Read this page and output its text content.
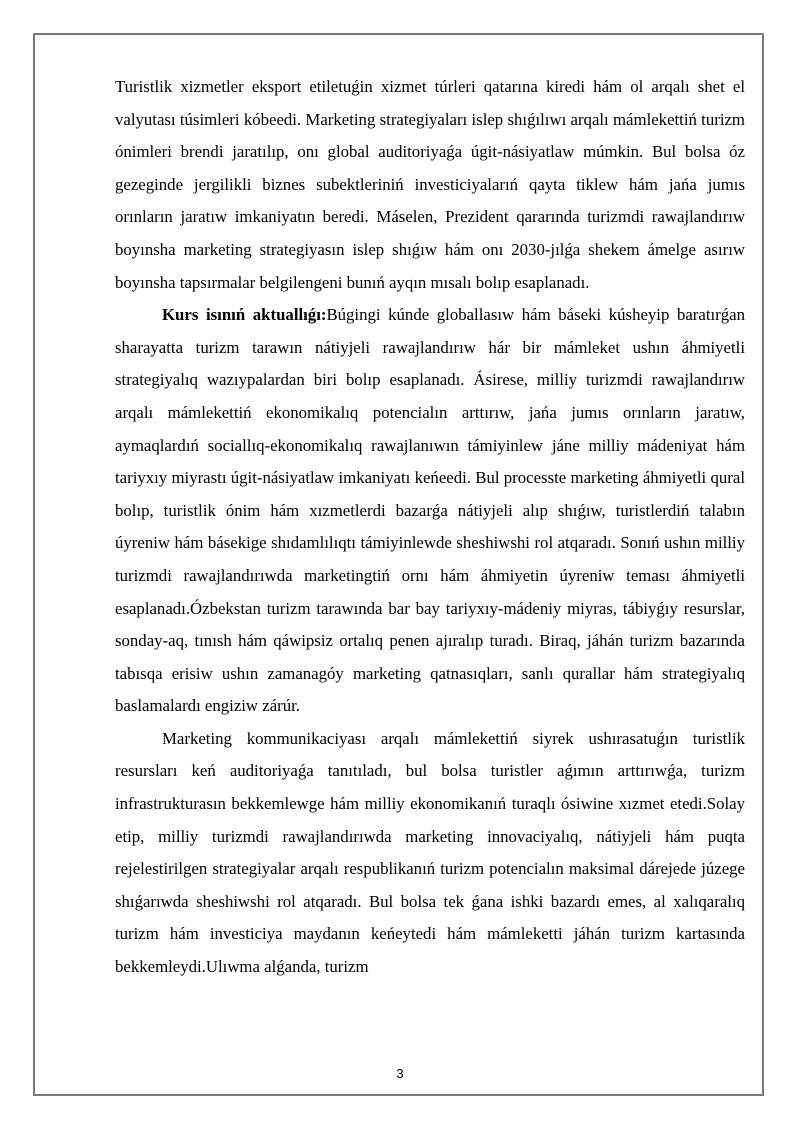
Turistlik xizmetler eksport etiletuǵin xizmet túrleri qatarına kiredi hám ol arqalı shet el valyutası túsimleri kóbeedi. Marketing strategiyaları islep shıǵılıwı arqalı mámlekettiń turizm ónimleri brendi jaratılıp, onı global auditoriyaǵa úgit-násiyatlaw múmkin. Bul bolsa óz gezeginde jergilikli biznes subektleriniń investiciyalarıń qayta tiklew hám jańa jumıs orınların jaratıw imkaniyatın beredi. Máselen, Prezident qararında turizmdi rawajlandırıw boyınsha marketing strategiyasın islep shıǵıw hám onı 2030-jılǵa shekem ámelge asırıw boyınsha tapsırmalar belgilengeni bunıń ayqın mısalı bolıp esaplanadı.

Kurs isınıń aktuallıǵı:Búgingi kúnde globallasıw hám báseki kúsheyip baratırǵan sharayatta turizm tarawın nátiyjeli rawajlandırıw hár bir mámleket ushın áhmiyetli strategiyalıq wazıypalardan biri bolıp esaplanadı. Ásirese, milliy turizmdi rawajlandırıw arqalı mámlekettiń ekonomikalıq potencialın arttırıw, jańa jumıs orınların jaratıw, aymaqlardıń sociallıq-ekonomikalıq rawajlanıwın támiyinlew jáne milliy mádeniyat hám tariyxıy miyrastı úgit-násiyatlaw imkaniyatı keńeedi. Bul processte marketing áhmiyetli qural bolıp, turistlik ónim hám xızmetlerdi bazarǵa nátiyjeli alıp shıǵıw, turistlerdiń talabın úyreniw hám básekige shıdamlılıqtı támiyinlewde sheshiwshi rol atqaradı. Sonıń ushın milliy turizmdi rawajlandırıwda marketingtiń ornı hám áhmiyetin úyreniw teması áhmiyetli esaplanadı.Ózbekstan turizm tarawında bar bay tariyxıy-mádeniy miyras, tábiyǵıy resurslar, sonday-aq, tınısh hám qáwipsiz ortalıq penen ajıralıp turadı. Biraq, jáhán turizm bazarında tabısqa erisiw ushın zamanagóy marketing qatnasıqları, sanlı qurallar hám strategiyalıq baslamalardı engiziw zárúr.

Marketing kommunikaciyası arqalı mámlekettiń siyrek ushırasatuǵın turistlik resursları keń auditoriyaǵa tanıtıladı, bul bolsa turistler aǵımın arttırıwǵa, turizm infrastrukturasın bekkemlewge hám milliy ekonomikanıń turaqlı ósiwine xızmet etedi.Solay etip, milliy turizmdi rawajlandırıwda marketing innovaciyalıq, nátiyjeli hám puqta rejelestirilgen strategiyalar arqalı respublikanıń turizm potencialın maksimal dárejede júzege shıǵarıwda sheshiwshi rol atqaradı. Bul bolsa tek ǵana ishki bazardı emes, al xalıqaralıq turizm hám investiciya maydanın keńeytedi hám mámleketti jáhán turizm kartasında bekkemleydi.Ulıwma alǵanda, turizm

3
